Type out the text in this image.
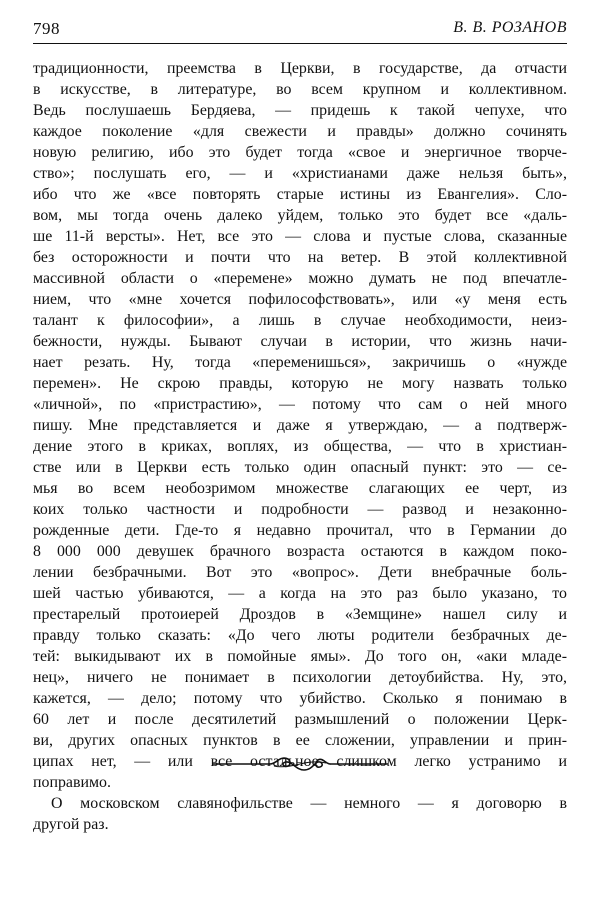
798	В. В. РОЗАНОВ
традиционности, преемства в Церкви, в государстве, да отчасти
в искусстве, в литературе, во всем крупном и коллективном.
Ведь послушаешь Бердяева, — придешь к такой чепухе, что
каждое поколение «для свежести и правды» должно сочинять
новую религию, ибо это будет тогда «свое и энергичное творче-
ство»; послушать его, — и «христианами даже нельзя быть»,
ибо что же «все повторять старые истины из Евангелия». Сло-
вом, мы тогда очень далеко уйдем, только это будет все «даль-
ше 11-й версты». Нет, все это — слова и пустые слова, сказанные
без осторожности и почти что на ветер. В этой коллективной
массивной области о «перемене» можно думать не под впечатле-
нием, что «мне хочется пофилософствовать», или «у меня есть
талант к философии», а лишь в случае необходимости, неиз-
бежности, нужды. Бывают случаи в истории, что жизнь начи-
нает резать. Ну, тогда «переменишься», закричишь о «нужде
перемен». Не скрою правды, которую не могу назвать только
«личной», по «пристрастию», — потому что сам о ней много
пишу. Мне представляется и даже я утверждаю, — а подтверж-
дение этого в криках, воплях, из общества, — что в христиан-
стве или в Церкви есть только один опасный пункт: это — се-
мья во всем необозримом множестве слагающих ее черт, из
коих только частности и подробности — развод и незаконно-
рожденные дети. Где-то я недавно прочитал, что в Германии до
8 000 000 девушек брачного возраста остаются в каждом поко-
лении безбрачными. Вот это «вопрос». Дети внебрачные боль-
шей частью убиваются, — а когда на это раз было указано, то
престарелый протоиерей Дроздов в «Земщине» нашел силу и
правду только сказать: «До чего люты родители безбрачных де-
тей: выкидывают их в помойные ямы». До того он, «аки младе-
нец», ничего не понимает в психологии детоубийства. Ну, это,
кажется, — дело; потому что убийство. Сколько я понимаю в
60 лет и после десятилетий размышлений о положении Церк-
ви, других опасных пунктов в ее сложении, управлении и прин-
ципах нет, — или все остальное слишком легко устранимо и
поправимо.
О московском славянофильстве — немного — я договорю в
другой раз.
